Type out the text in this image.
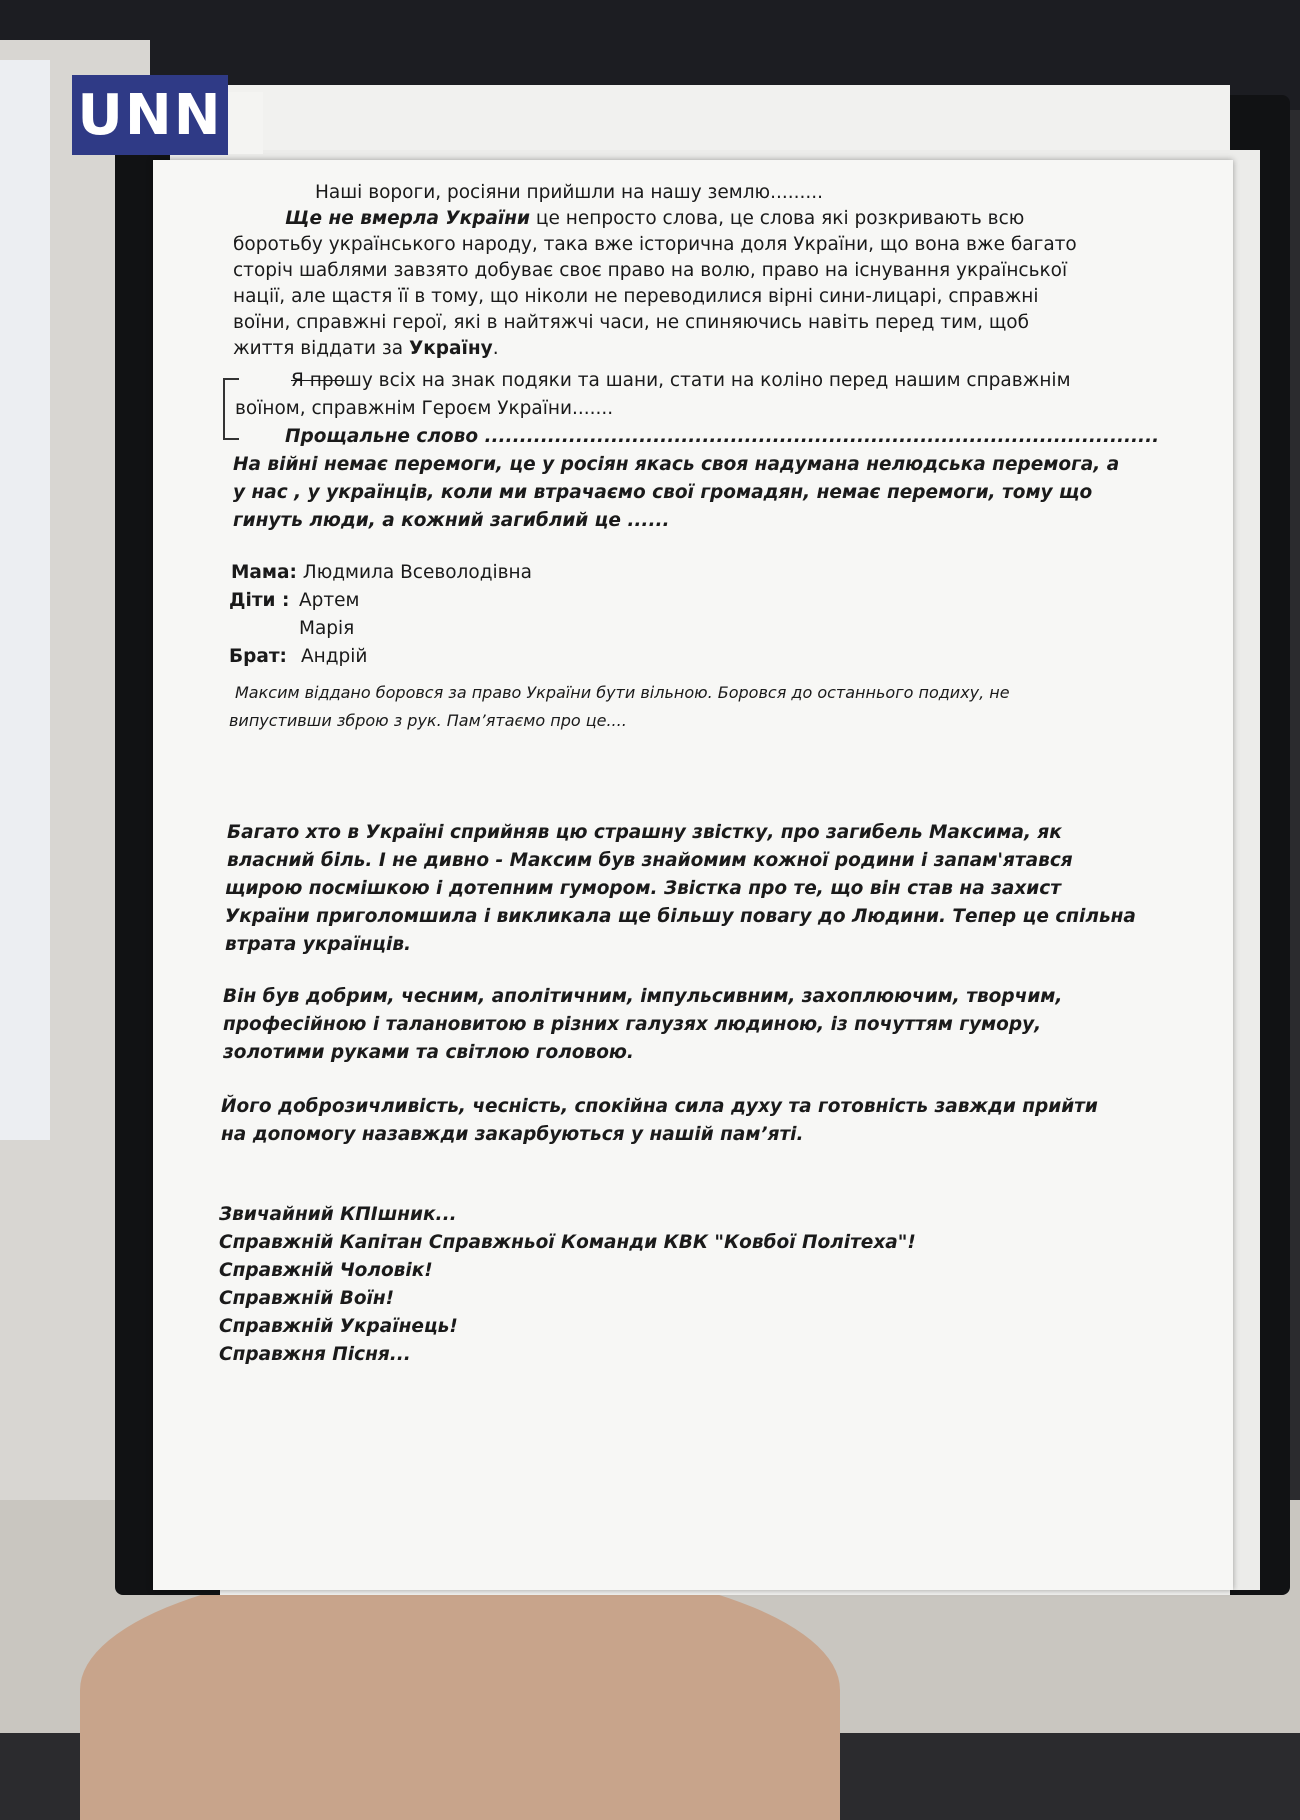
Наші вороги, росіяни прийшли на нашу землю.........
Ще не вмерла України це непросто слова, це слова які розкривають всю
боротьбу українського народу, така вже історична доля України, що вона вже багато
сторіч шаблями завзято добуває своє право на волю, право на існування української
нації, але щастя її в тому, що ніколи не переводилися вірні сини-лицарі, справжні
воїни, справжні герої, які в найтяжчі часи, не спиняючись навіть перед тим, щоб
життя віддати за Україну.
Я прошу всіх на знак подяки та шани, стати на коліно перед нашим справжнім
воїном, справжнім Героєм України.......
Прощальне слово ................................................................................................
На війні немає перемоги, це у росіян якась своя надумана нелюдська перемога, а
у нас , у українців, коли ми втрачаємо свої громадян, немає перемоги, тому що
гинуть люди, а кожний загиблий це ......
Мама: Людмила Всеволодівна
Діти : Артем
Марія
Брат: Андрій
Максим віддано боровся за право України бути вільною. Боровся до останнього подиху, не
випустивши зброю з рук. Пам’ятаємо про це....
Багато хто в Україні сприйняв цю страшну звістку, про загибель Максима, як
власний біль. І не дивно - Максим був знайомим кожної родини і запам'ятався
щирою посмішкою і дотепним гумором. Звістка про те, що він став на захист
України приголомшила і викликала ще більшу повагу до Людини. Тепер це спільна
втрата українців.
Він був добрим, чесним, аполітичним, імпульсивним, захоплюючим, творчим,
професійною і талановитою в різних галузях людиною, із почуттям гумору,
золотими руками та світлою головою.
Його доброзичливість, чесність, спокійна сила духу та готовність завжди прийти
на допомогу назавжди закарбуються у нашій пам’яті.
Звичайний КПІшник...
Справжній Капітан Справжньої Команди КВК "Ковбої Політеха"!
Справжній Чоловік!
Справжній Воїн!
Справжній Українець!
Справжня Пісня...
UNN
